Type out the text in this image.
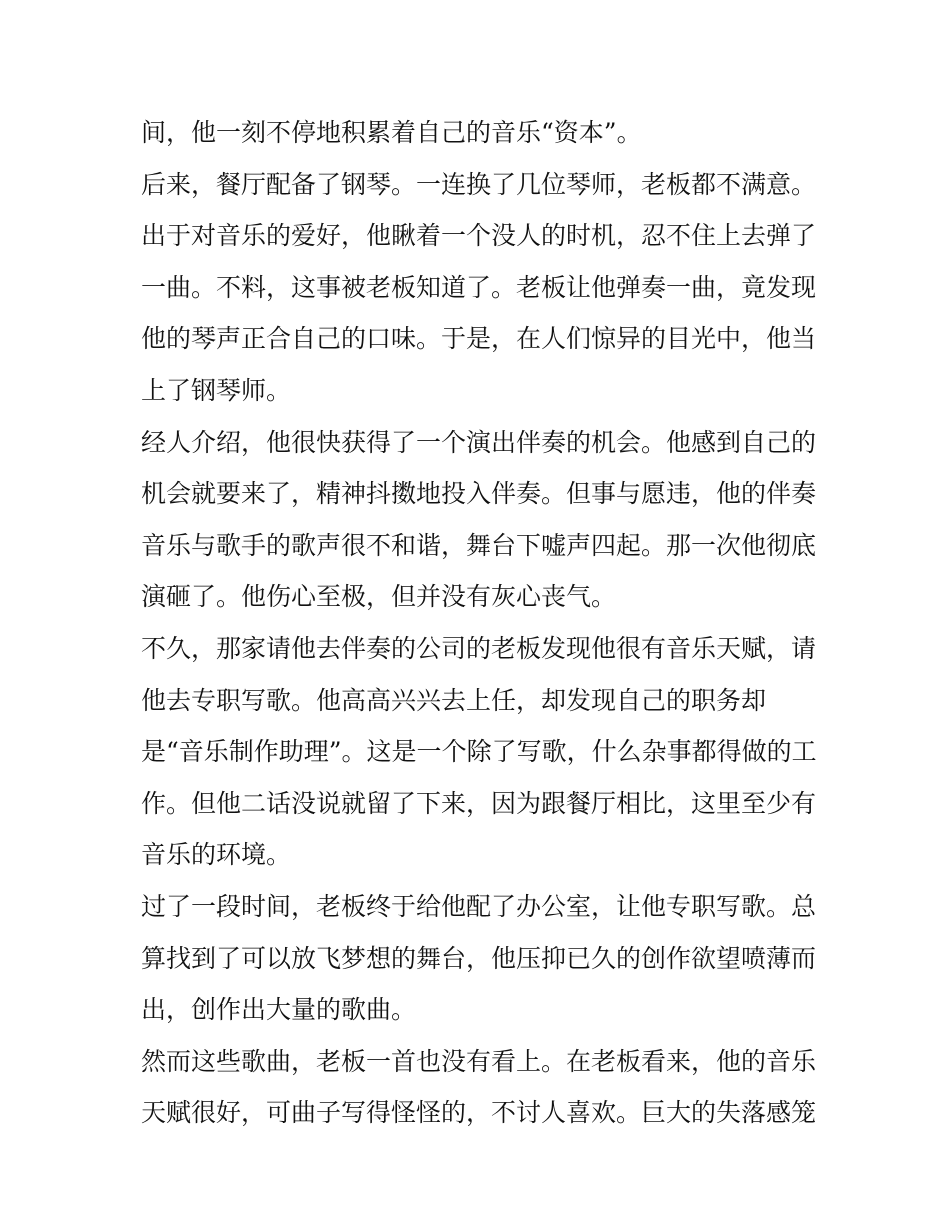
间，他一刻不停地积累着自己的音乐“资本”。
后来，餐厅配备了钢琴。一连换了几位琴师，老板都不满意。
出于对音乐的爱好，他瞅着一个没人的时机，忍不住上去弹了
一曲。不料，这事被老板知道了。老板让他弹奏一曲，竟发现
他的琴声正合自己的口味。于是，在人们惊异的目光中，他当
上了钢琴师。
经人介绍，他很快获得了一个演出伴奏的机会。他感到自己的
机会就要来了，精神抖擞地投入伴奏。但事与愿违，他的伴奏
音乐与歌手的歌声很不和谐，舞台下嘘声四起。那一次他彻底
演砸了。他伤心至极，但并没有灰心丧气。
不久，那家请他去伴奏的公司的老板发现他很有音乐天赋，请
他去专职写歌。他高高兴兴去上任，却发现自己的职务却
是“音乐制作助理”。这是一个除了写歌，什么杂事都得做的工
作。但他二话没说就留了下来，因为跟餐厅相比，这里至少有
音乐的环境。
过了一段时间，老板终于给他配了办公室，让他专职写歌。总
算找到了可以放飞梦想的舞台，他压抑已久的创作欲望喷薄而
出，创作出大量的歌曲。
然而这些歌曲，老板一首也没有看上。在老板看来，他的音乐
天赋很好，可曲子写得怪怪的，不讨人喜欢。巨大的失落感笼
